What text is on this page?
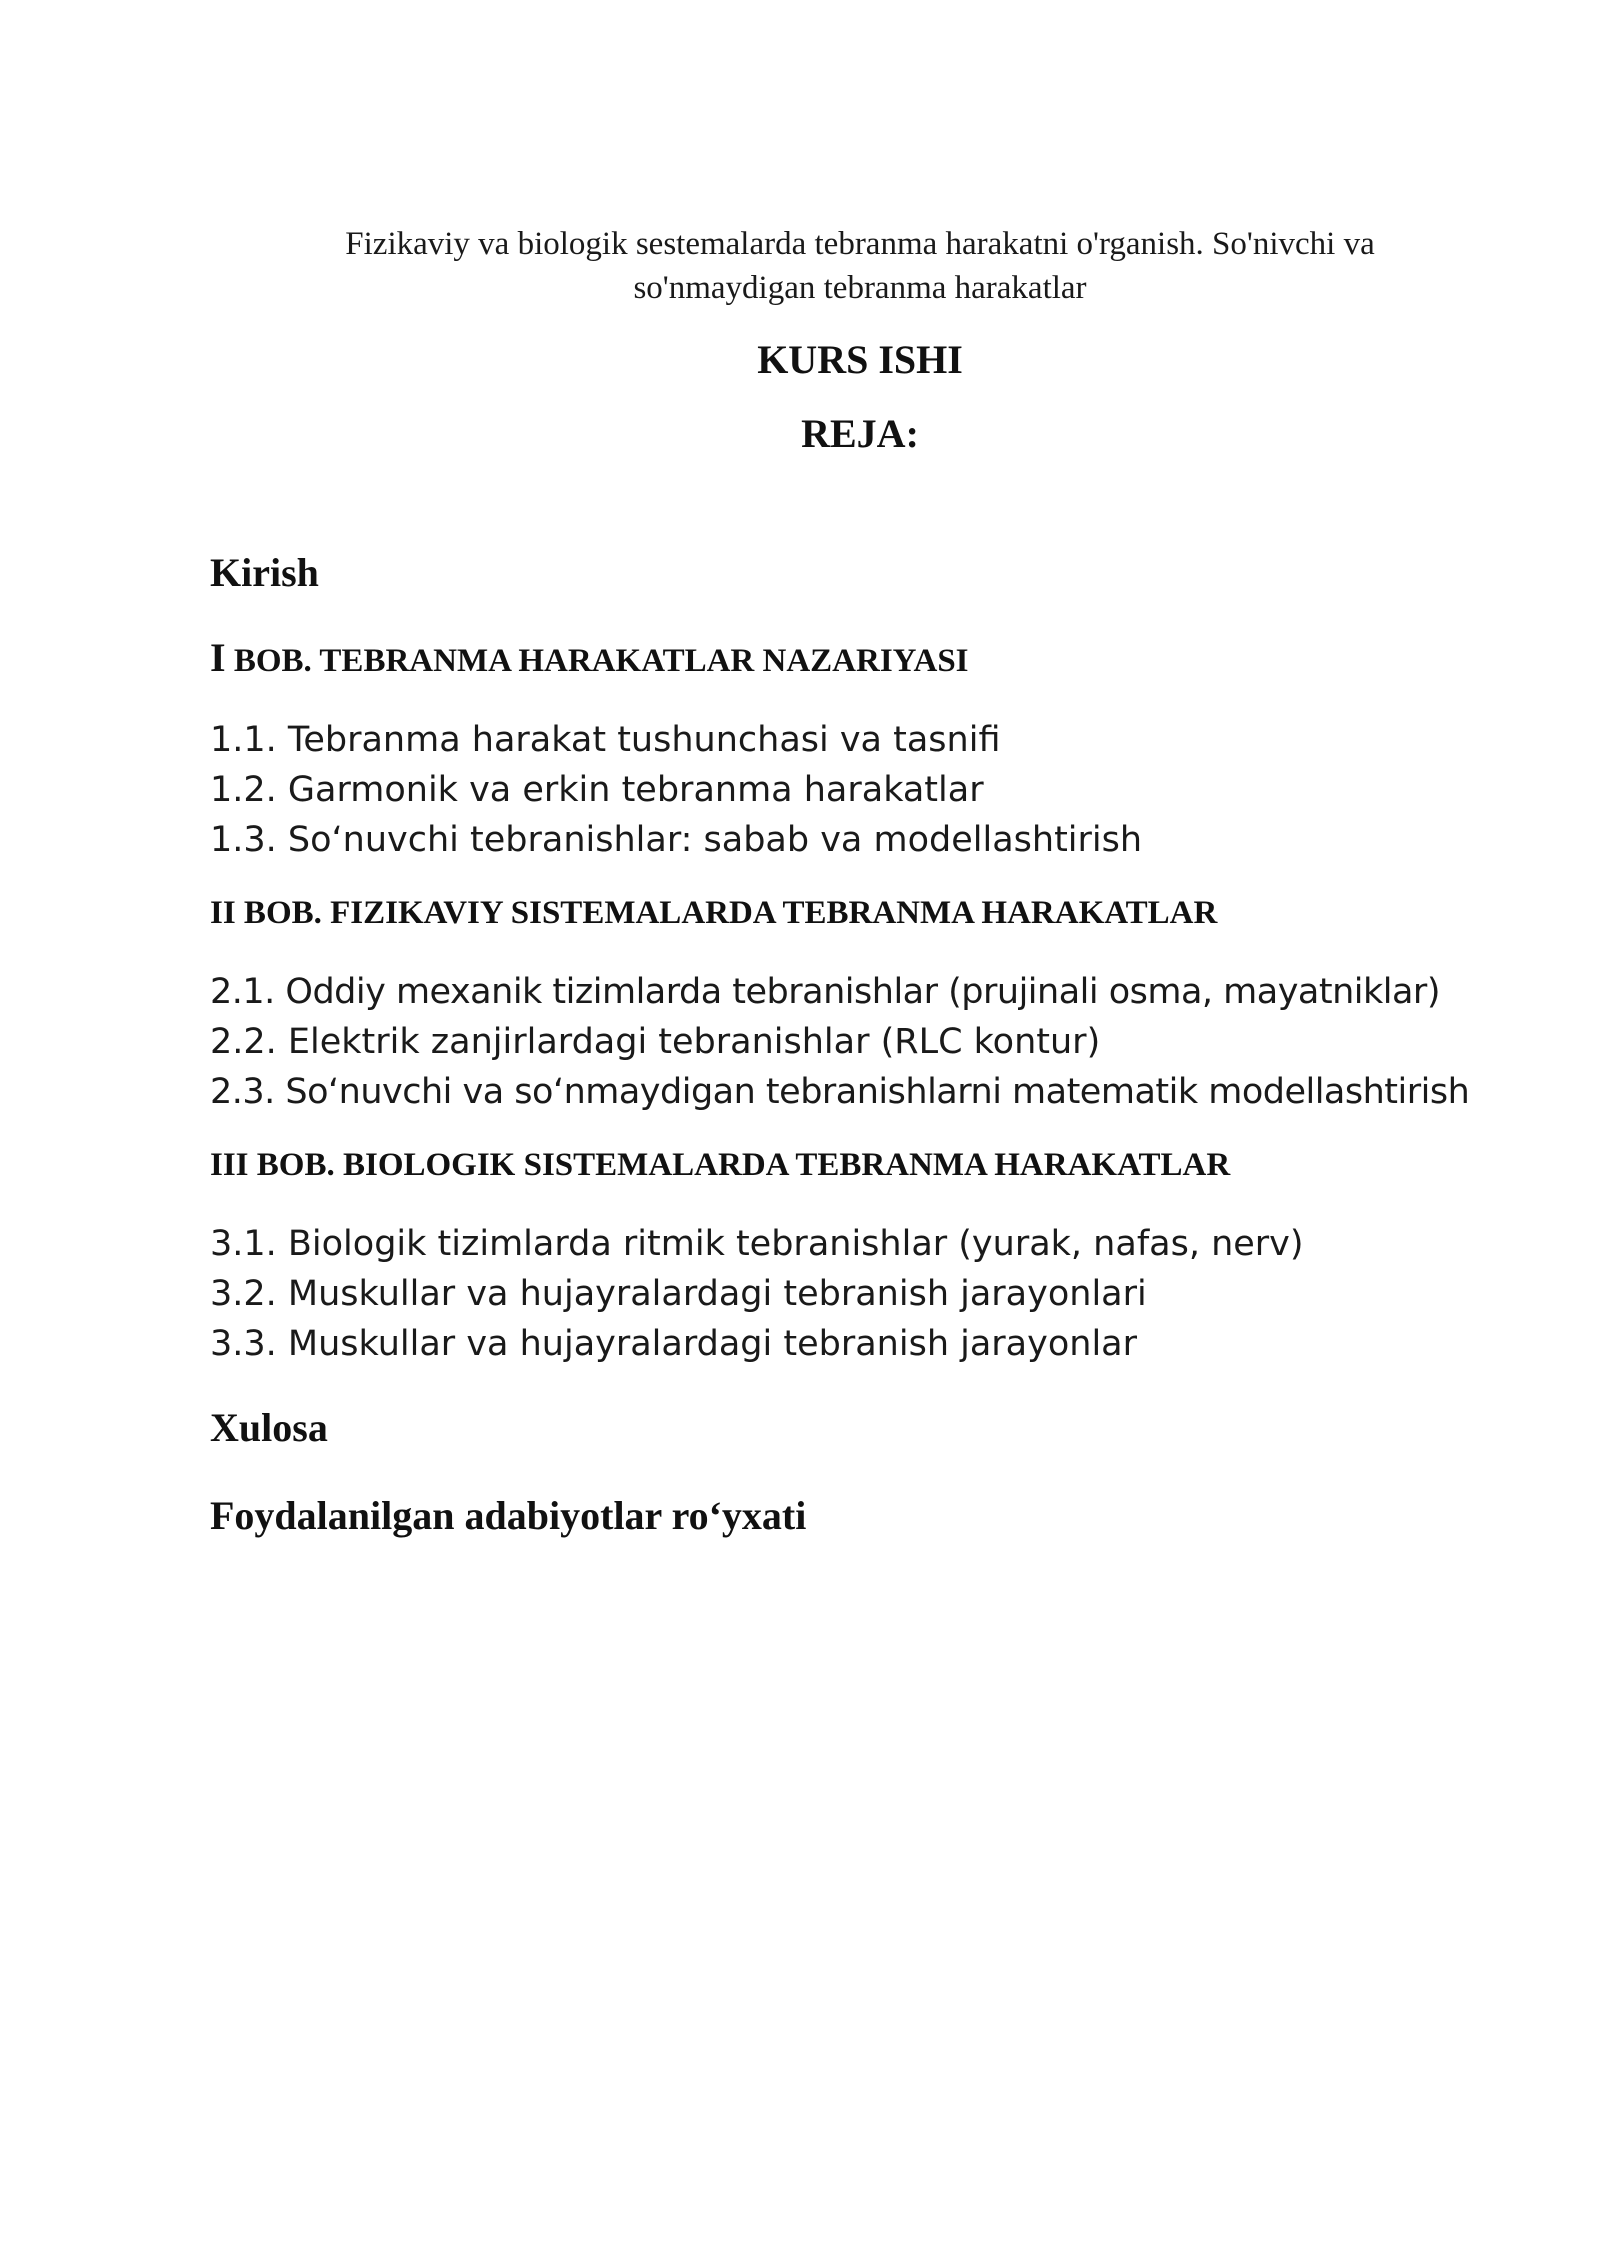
Fizikaviy va biologik sestemalarda tebranma harakatni o'rganish. So'nivchi va
so'nmaydigan tebranma harakatlar
KURS ISHI
REJA:

Kirish

I BOB. TEBRANMA HARAKATLAR NAZARIYASI

1.1. Tebranma harakat tushunchasi va tasnifi

1.2. Garmonik va erkin tebranma harakatlar

1.3. So‘nuvchi tebranishlar: sabab va modellashtirish

II BOB. FIZIKAVIY SISTEMALARDA TEBRANMA HARAKATLAR

2.1. Oddiy mexanik tizimlarda tebranishlar (prujinali osma, mayatniklar)

2.2. Elektrik zanjirlardagi tebranishlar (RLC kontur)

2.3. So‘nuvchi va so‘nmaydigan tebranishlarni matematik modellashtirish

III BOB. BIOLOGIK SISTEMALARDA TEBRANMA HARAKATLAR

3.1. Biologik tizimlarda ritmik tebranishlar (yurak, nafas, nerv)

3.2. Muskullar va hujayralardagi tebranish jarayonlari

3.3. Muskullar va hujayralardagi tebranish jarayonlar

Xulosa

Foydalanilgan adabiyotlar ro‘yxati
